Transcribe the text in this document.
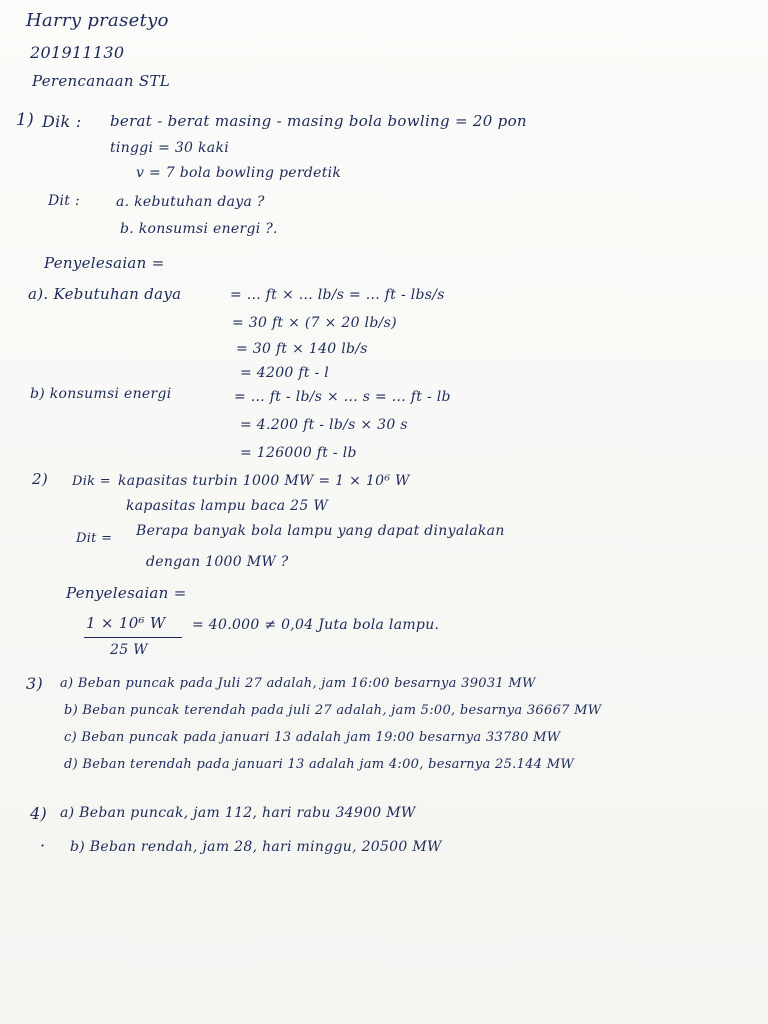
Harry prasetyo
201911130
Perencanaan STL
1) Dik : berat - berat masing - masing bola bowling = 20 pon
tinggi = 30 kaki
v = 7 bola bowling perdetik
Dit :	a. kebutuhan daya ?
b. konsumsi energi ?.
Penyelesaian =
a). Kebutuhan daya	= ... ft × ... lb/s = ... ft - lbs/s
= 30 ft × (7 × 20 lb/s)
= 30 ft × 140 lb/s
= 4200 ft - l
b) konsumsi energi	= ... ft - lb/s × ... s = ... ft - lb
= 4.200 ft - lb/s × 30 s
= 126000 ft - lb
2) Dik = kapasitas turbin 1000 MW = 1 × 10⁶ W
kapasitas lampu baca 25 W
Dit = Berapa banyak bola lampu yang dapat dinyalakan
dengan 1000 MW ?
Penyelesaian =
1 × 10⁶ W
25 W
= 40.000 ≠ 0,04 Juta bola lampu.
3) a) Beban puncak pada Juli 27 adalah, jam 16:00 besarnya 39031 MW
b) Beban puncak terendah pada juli 27 adalah, jam 5:00, besarnya 36667 MW
c) Beban puncak pada januari 13 adalah jam 19:00 besarnya 33780 MW
d) Beban terendah pada januari 13 adalah jam 4:00, besarnya 25.144 MW
4) a) Beban puncak, jam 112, hari rabu 34900 MW
· b) Beban rendah, jam 28, hari minggu, 20500 MW
